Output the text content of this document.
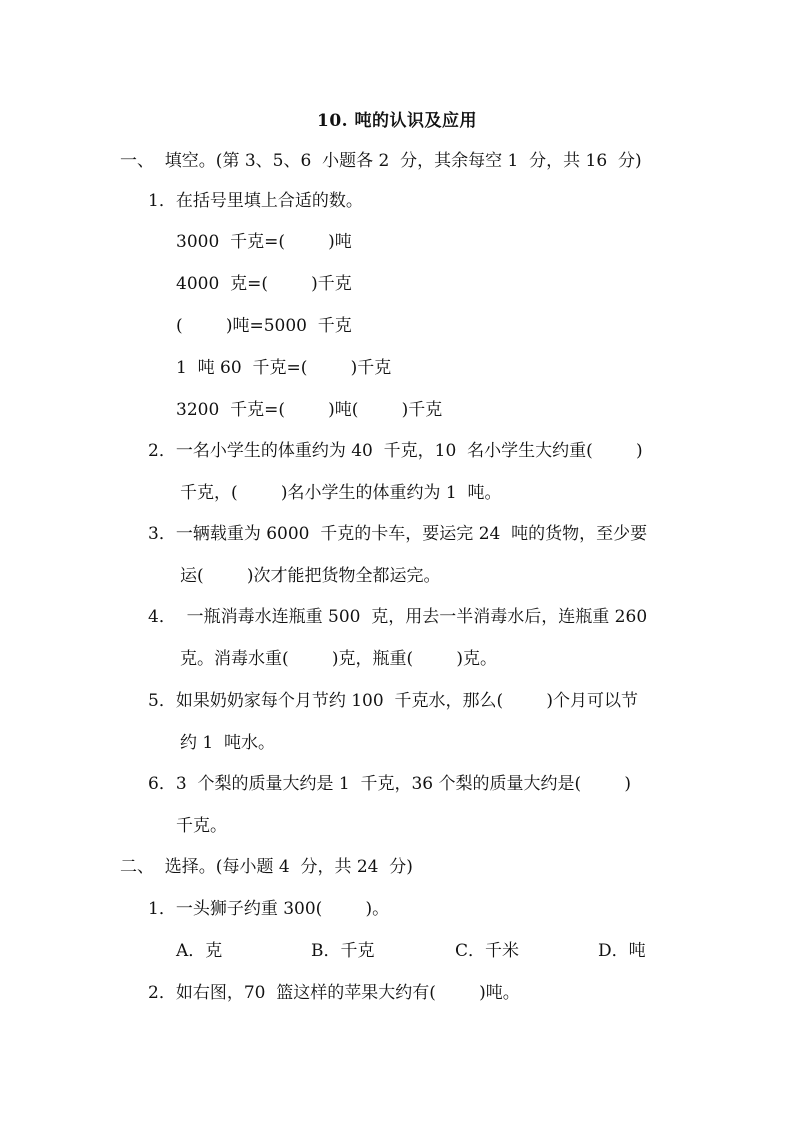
10. 吨的认识及应用
一、  填空。(第 3、5、6  小题各 2  分，其余每空 1  分，共 16  分)
1．在括号里填上合适的数。
3000  千克=(        )吨
4000  克=(        )千克
(        )吨=5000  千克
1  吨 60  千克=(        )千克
3200  千克=(        )吨(        )千克
2．一名小学生的体重约为 40  千克，10  名小学生大约重(        )
千克，(        )名小学生的体重约为 1  吨。
3．一辆载重为 6000  千克的卡车，要运完 24  吨的货物，至少要
运(        )次才能把货物全都运完。
4．  一瓶消毒水连瓶重 500  克，用去一半消毒水后，连瓶重 260
克。消毒水重(        )克，瓶重(        )克。
5．如果奶奶家每个月节约 100  千克水，那么(        )个月可以节
约 1  吨水。
6．3  个梨的质量大约是 1  千克，36 个梨的质量大约是(        )
千克。
二、  选择。(每小题 4  分，共 24  分)
1．一头狮子约重 300(        )。
A．克	B．千克	C．千米	D．吨
2．如右图，70  篮这样的苹果大约有(        )吨。
